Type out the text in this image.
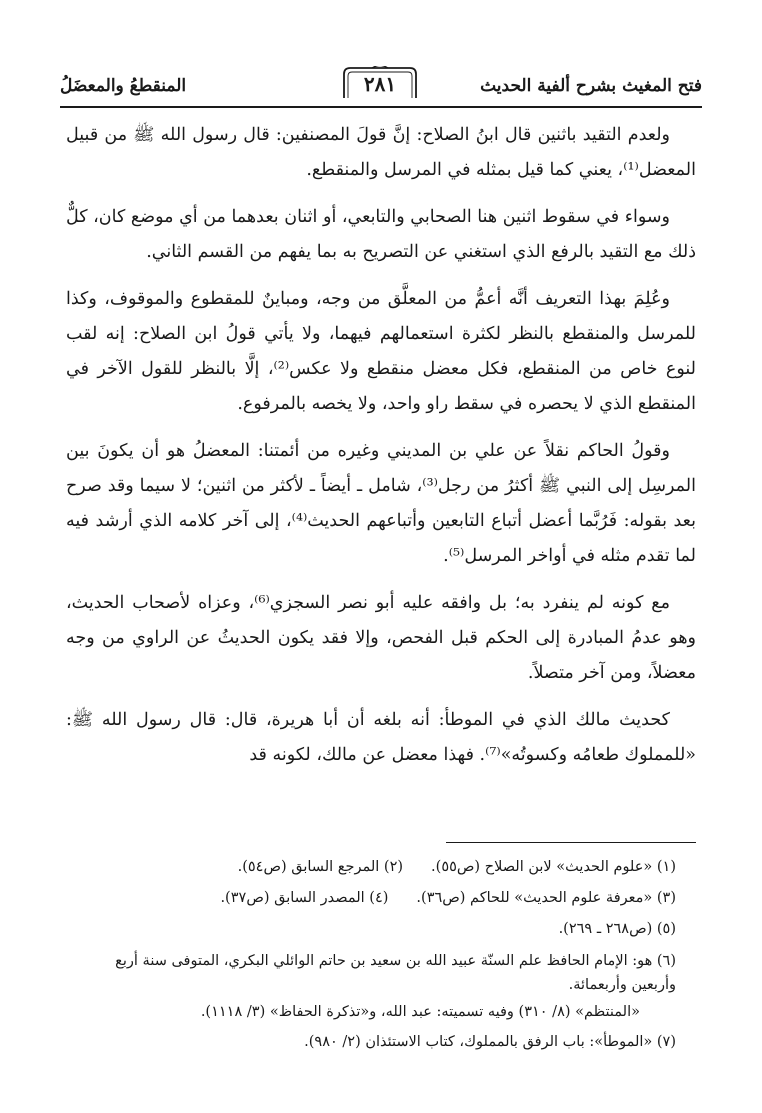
فتح المغيث بشرح ألفية الحديث
٢٨١
المنقطعُ والمعضَلُ

ولعدم التقيد باثنين قال ابنُ الصلاح: إنَّ قولَ المصنفين: قال رسول الله ﷺ من قبيل المعضل⁽¹⁾، يعني كما قيل بمثله في المرسل والمنقطع.

وسواء في سقوط اثنين هنا الصحابي والتابعي، أو اثنان بعدهما من أي موضع كان، كلٌّ ذلك مع التقيد بالرفع الذي استغني عن التصريح به بما يفهم من القسم الثاني.

وعُلِمَ بهذا التعريف أنَّه أعمُّ من المعلَّق من وجه، ومباينٌ للمقطوع والموقوف، وكذا للمرسل والمنقطع بالنظر لكثرة استعمالهم فيهما، ولا يأتي قولُ ابن الصلاح: إنه لقب لنوع خاص من المنقطع، فكل معضل منقطع ولا عكس⁽²⁾، إلَّا بالنظر للقول الآخر في المنقطع الذي لا يحصره في سقط راو واحد، ولا يخصه بالمرفوع.

وقولُ الحاكم نقلاً عن علي بن المديني وغيره من أئمتنا: المعضلُ هو أن يكونَ بين المرسِل إلى النبي ﷺ أكثرُ من رجل⁽³⁾، شامل ـ أيضاً ـ لأكثر من اثنين؛ لا سيما وقد صرح بعد بقوله: فَرُبَّما أعضل أتباع التابعين وأتباعهم الحديث⁽⁴⁾، إلى آخر كلامه الذي أرشد فيه لما تقدم مثله في أواخر المرسل⁽⁵⁾.

مع كونه لم ينفرد به؛ بل وافقه عليه أبو نصر السجزي⁽⁶⁾، وعزاه لأصحاب الحديث، وهو عدمُ المبادرة إلى الحكم قبل الفحص، وإلا فقد يكون الحديثُ عن الراوي من وجه معضلاً، ومن آخر متصلاً.

كحديث مالك الذي في الموطأ: أنه بلغه أن أبا هريرة، قال: قال رسول الله ﷺ: «للمملوك طعامُه وكسوتُه»⁽⁷⁾. فهذا معضل عن مالك، لكونه قد

(١) «علوم الحديث» لابن الصلاح (ص٥٥).
(٢) المرجع السابق (ص٥٤).
(٣) «معرفة علوم الحديث» للحاكم (ص٣٦).
(٤) المصدر السابق (ص٣٧).
(٥) (ص٢٦٨ ـ ٢٦٩).
(٦) هو: الإمام الحافظ علم السنّة عبيد الله بن سعيد بن حاتم الوائلي البكري، المتوفى سنة أربع وأربعين وأربعمائة.
«المنتظم» (٨/ ٣١٠) وفيه تسميته: عبد الله، و«تذكرة الحفاظ» (٣/ ١١١٨).
(٧) «الموطأ»: باب الرفق بالمملوك، كتاب الاستئذان (٢/ ٩٨٠).
